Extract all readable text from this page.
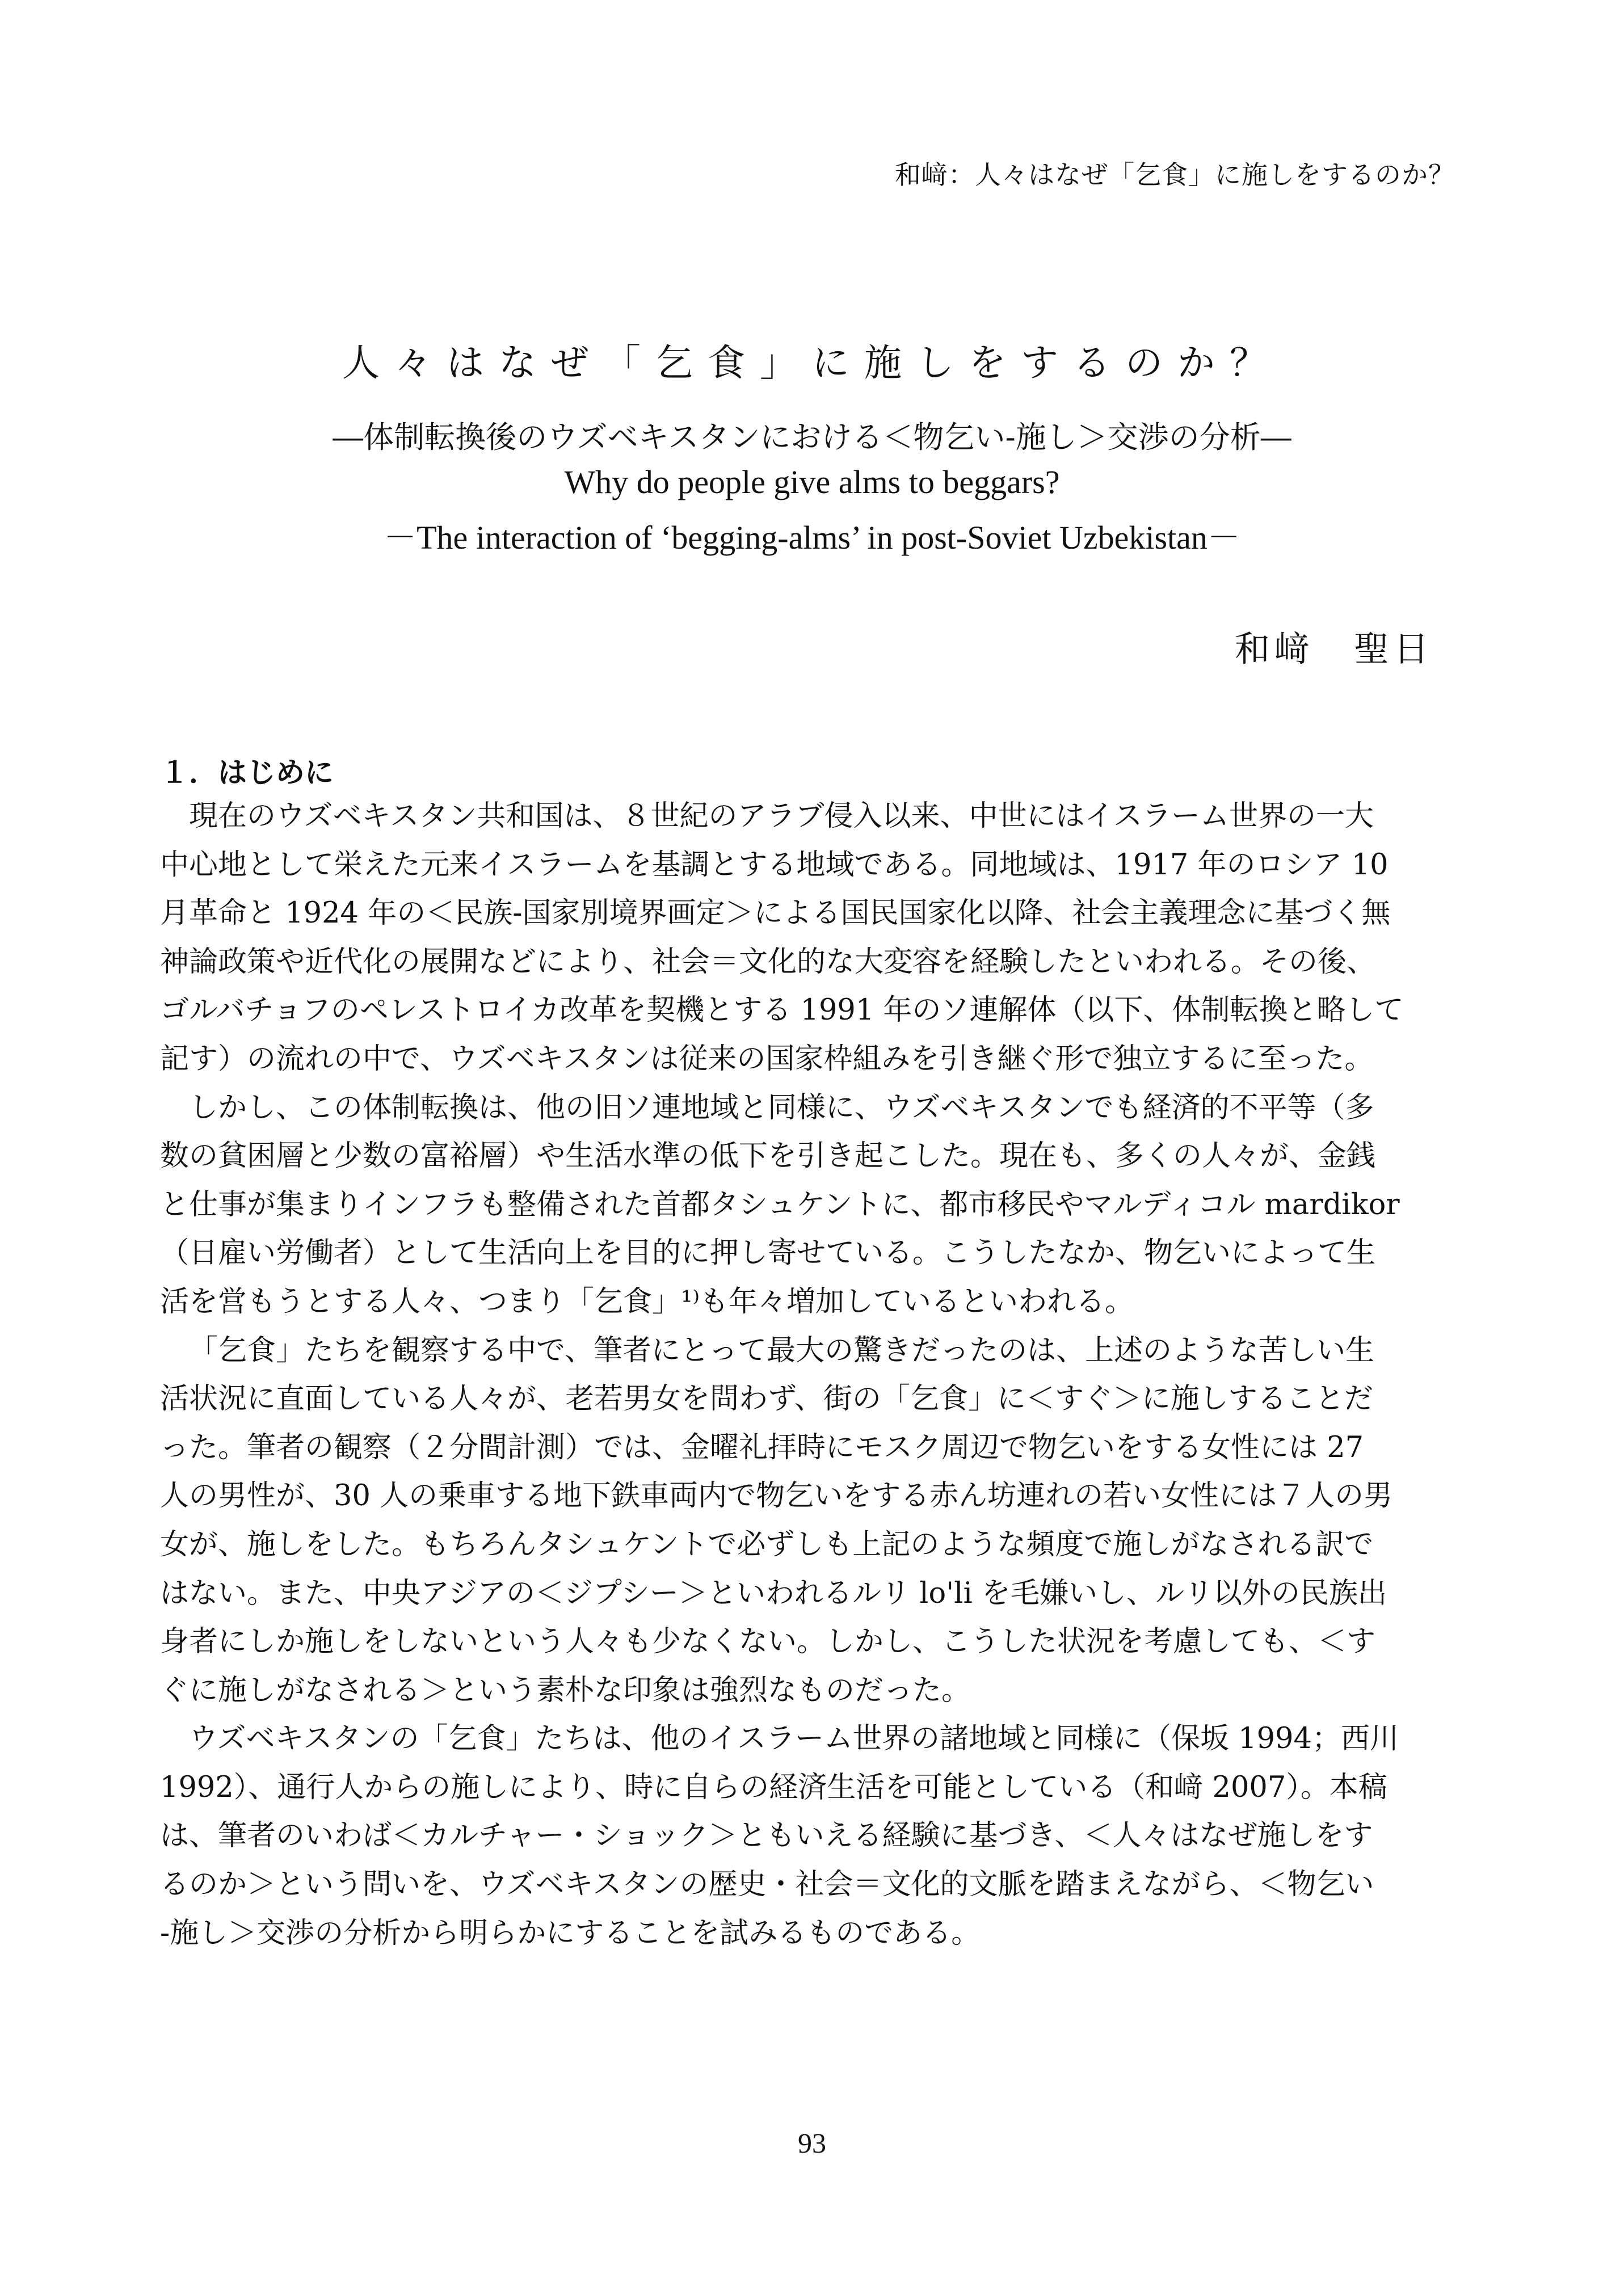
和﨑：人々はなぜ「乞食」に施しをするのか？
人々はなぜ「乞食」に施しをするのか？
―体制転換後のウズベキスタンにおける＜物乞い‐施し＞交渉の分析―
Why do people give alms to beggars?
－The interaction of ‘begging-alms’ in post-Soviet Uzbekistan－
和﨑　聖日
１．はじめに
現在のウズベキスタン共和国は、８世紀のアラブ侵入以来、中世にはイスラーム世界の一大
中心地として栄えた元来イスラームを基調とする地域である。同地域は、1917 年のロシア 10
月革命と 1924 年の＜民族‐国家別境界画定＞による国民国家化以降、社会主義理念に基づく無
神論政策や近代化の展開などにより、社会＝文化的な大変容を経験したといわれる。その後、
ゴルバチョフのペレストロイカ改革を契機とする 1991 年のソ連解体（以下、体制転換と略して
記す）の流れの中で、ウズベキスタンは従来の国家枠組みを引き継ぐ形で独立するに至った。
しかし、この体制転換は、他の旧ソ連地域と同様に、ウズベキスタンでも経済的不平等（多
数の貧困層と少数の富裕層）や生活水準の低下を引き起こした。現在も、多くの人々が、金銭
と仕事が集まりインフラも整備された首都タシュケントに、都市移民やマルディコル mardikor
（日雇い労働者）として生活向上を目的に押し寄せている。こうしたなか、物乞いによって生
活を営もうとする人々、つまり「乞食」¹⁾も年々増加しているといわれる。
「乞食」たちを観察する中で、筆者にとって最大の驚きだったのは、上述のような苦しい生
活状況に直面している人々が、老若男女を問わず、街の「乞食」に＜すぐ＞に施しすることだ
った。筆者の観察（２分間計測）では、金曜礼拝時にモスク周辺で物乞いをする女性には 27
人の男性が、30 人の乗車する地下鉄車両内で物乞いをする赤ん坊連れの若い女性には７人の男
女が、施しをした。もちろんタシュケントで必ずしも上記のような頻度で施しがなされる訳で
はない。また、中央アジアの＜ジプシー＞といわれるルリ lo'li を毛嫌いし、ルリ以外の民族出
身者にしか施しをしないという人々も少なくない。しかし、こうした状況を考慮しても、＜す
ぐに施しがなされる＞という素朴な印象は強烈なものだった。
ウズベキスタンの「乞食」たちは、他のイスラーム世界の諸地域と同様に（保坂 1994；西川
1992）、通行人からの施しにより、時に自らの経済生活を可能としている（和﨑 2007）。本稿
は、筆者のいわば＜カルチャー・ショック＞ともいえる経験に基づき、＜人々はなぜ施しをす
るのか＞という問いを、ウズベキスタンの歴史・社会＝文化的文脈を踏まえながら、＜物乞い
‐施し＞交渉の分析から明らかにすることを試みるものである。
93
